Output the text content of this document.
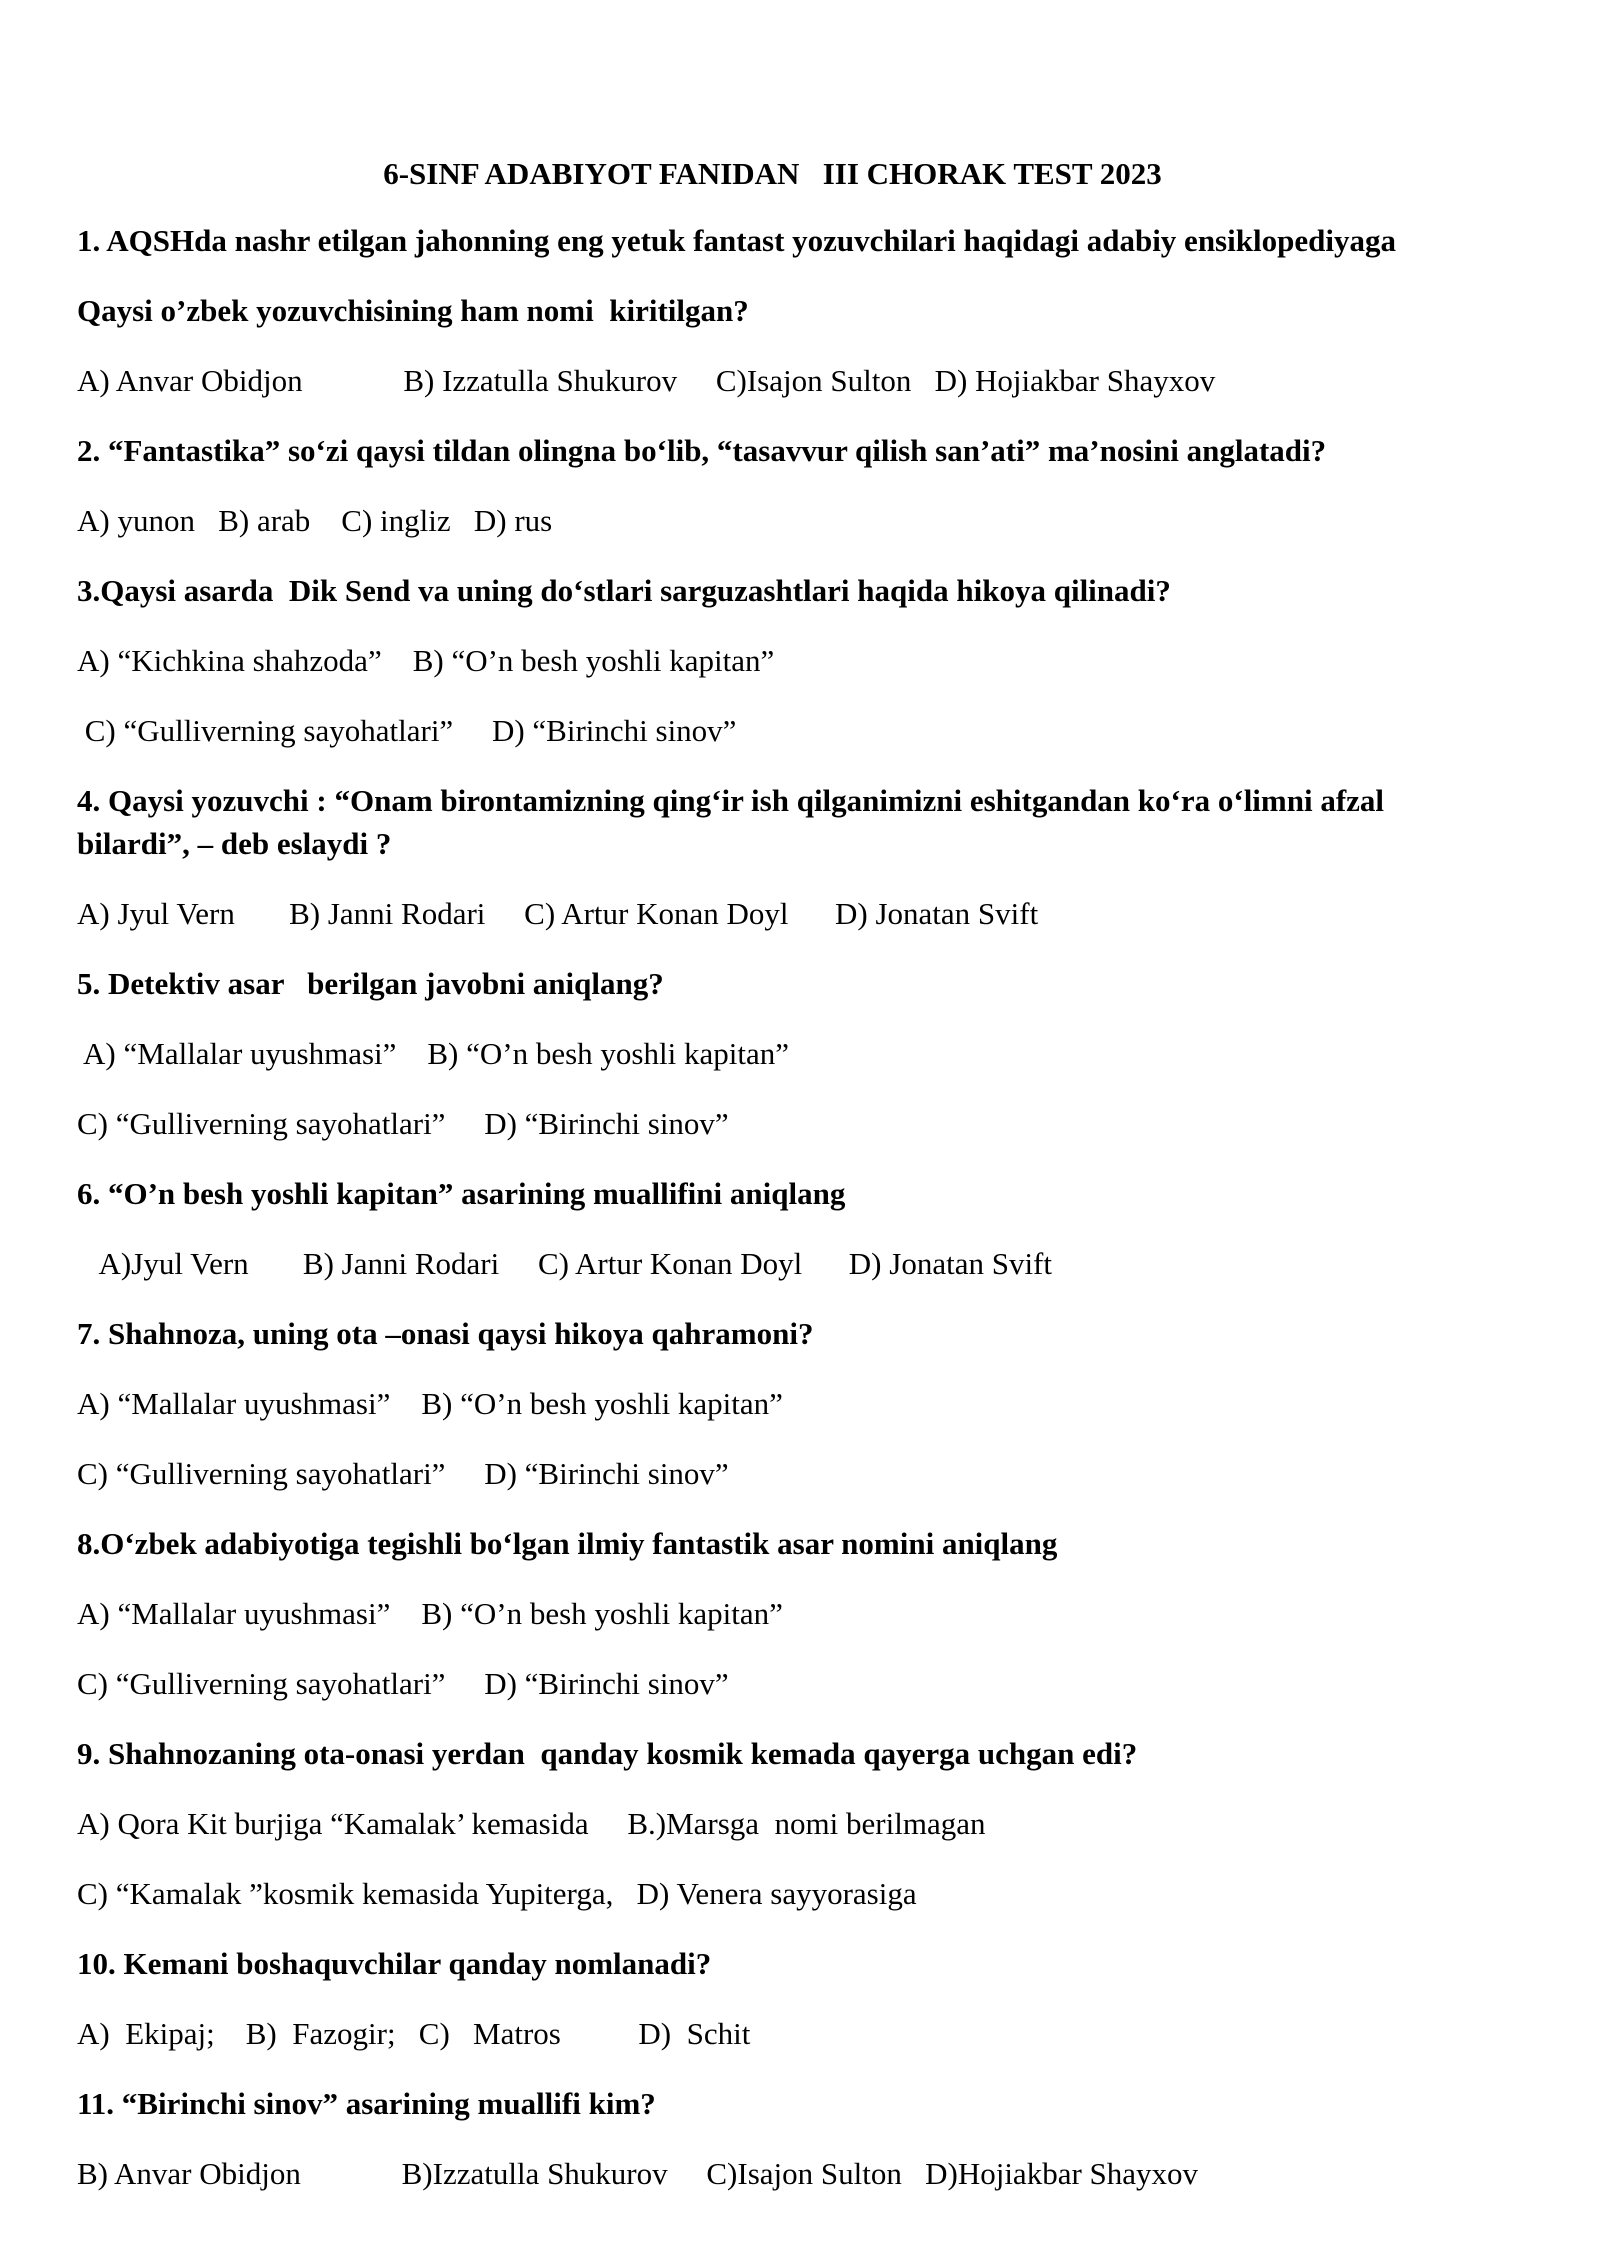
6-SINF ADABIYOT FANIDAN   III CHORAK TEST 2023
1. AQSHda nashr etilgan jahonning eng yetuk fantast yozuvchilari haqidagi adabiy ensiklopediyaga
Qaysi o’zbek yozuvchisining ham nomi  kiritilgan?
A) Anvar Obidjon             B) Izzatulla Shukurov     C)Isajon Sulton   D) Hojiakbar Shayxov
2. “Fantastika” so‘zi qaysi tildan olingna bo‘lib, “tasavvur qilish san’ati” ma’nosini anglatadi?
A) yunon   B) arab    C) ingliz   D) rus
3.Qaysi asarda  Dik Send va uning do‘stlari sarguzashtlari haqida hikoya qilinadi?
A) “Kichkina shahzoda”    B) “O’n besh yoshli kapitan”
C) “Gulliverning sayohatlari”     D) “Birinchi sinov”
4. Qaysi yozuvchi : “Onam birontamizning qing‘ir ish qilganimizni eshitgandan ko‘ra o‘limni afzal
bilardi”, – deb eslaydi ?
A) Jyul Vern       B) Janni Rodari     C) Artur Konan Doyl      D) Jonatan Svift
5. Detektiv asar   berilgan javobni aniqlang?
A) “Mallalar uyushmasi”    B) “O’n besh yoshli kapitan”
C) “Gulliverning sayohatlari”     D) “Birinchi sinov”
6. “O’n besh yoshli kapitan” asarining muallifini aniqlang
A)Jyul Vern       B) Janni Rodari     C) Artur Konan Doyl      D) Jonatan Svift
7. Shahnoza, uning ota –onasi qaysi hikoya qahramoni?
A) “Mallalar uyushmasi”    B) “O’n besh yoshli kapitan”
C) “Gulliverning sayohatlari”     D) “Birinchi sinov”
8.O‘zbek adabiyotiga tegishli bo‘lgan ilmiy fantastik asar nomini aniqlang
A) “Mallalar uyushmasi”    B) “O’n besh yoshli kapitan”
C) “Gulliverning sayohatlari”     D) “Birinchi sinov”
9. Shahnozaning ota-onasi yerdan  qanday kosmik kemada qayerga uchgan edi?
A) Qora Kit burjiga “Kamalak’ kemasida     B.)Marsga  nomi berilmagan
C) “Kamalak ”kosmik kemasida Yupiterga,   D) Venera sayyorasiga
10. Kemani boshaquvchilar qanday nomlanadi?
A)  Ekipaj;    B)  Fazogir;   C)   Matros          D)  Schit
11. “Birinchi sinov” asarining muallifi kim?
B) Anvar Obidjon             B)Izzatulla Shukurov     C)Isajon Sulton   D)Hojiakbar Shayxov
